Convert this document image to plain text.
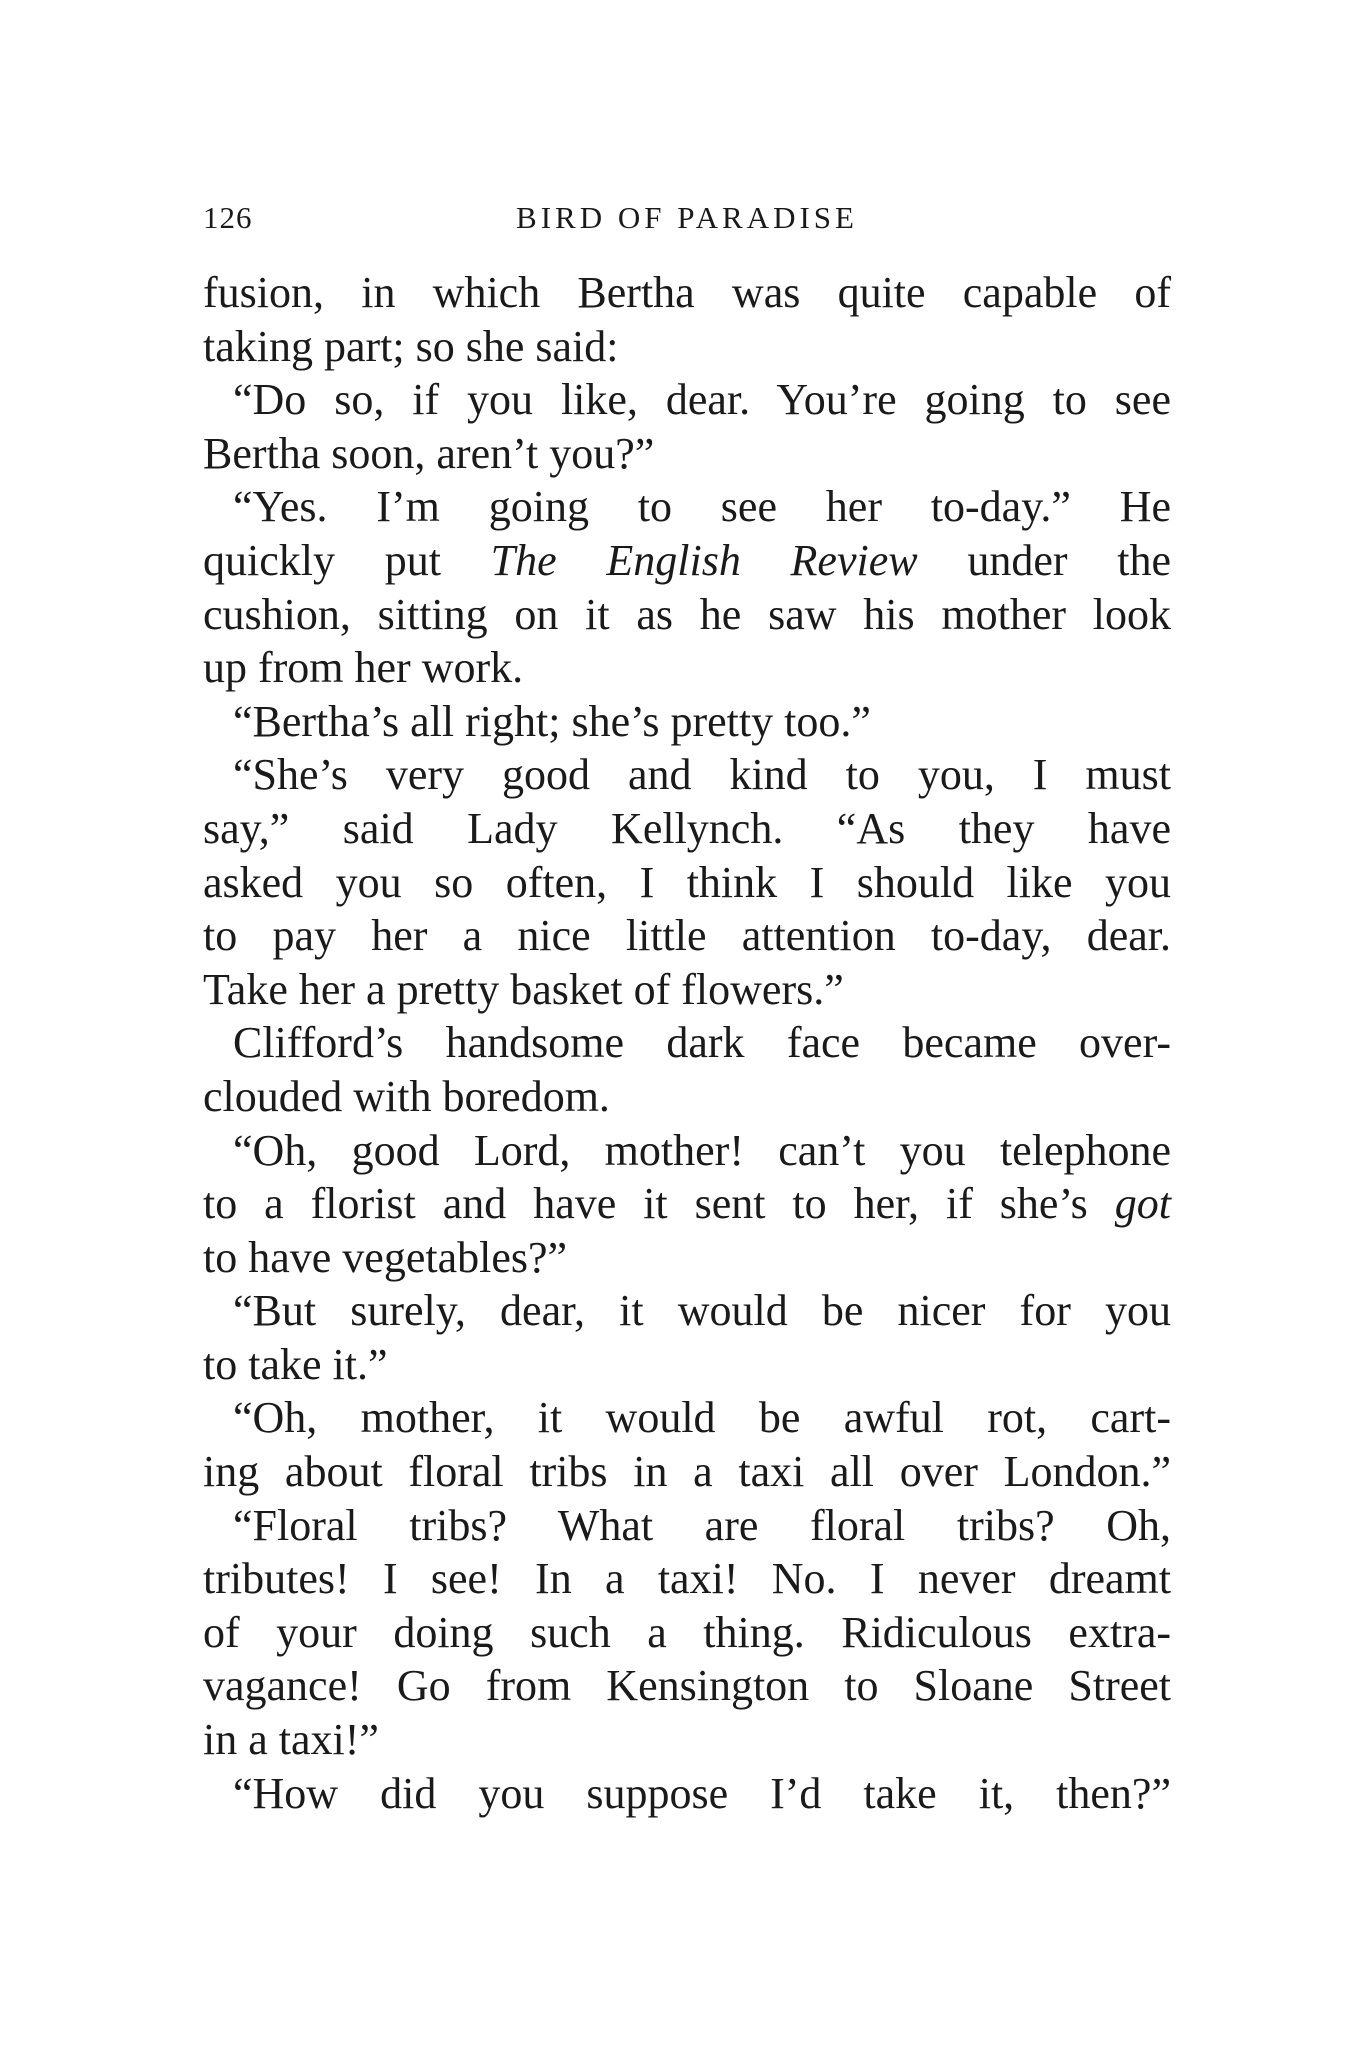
126	BIRD OF PARADISE
fusion, in which Bertha was quite capable of
taking part; so she said:
“Do so, if you like, dear. You’re going to see
Bertha soon, aren’t you?”
“Yes. I’m going to see her to-day.” He
quickly put The English Review under the
cushion, sitting on it as he saw his mother look
up from her work.
“Bertha’s all right; she’s pretty too.”
“She’s very good and kind to you, I must
say,” said Lady Kellynch. “As they have
asked you so often, I think I should like you
to pay her a nice little attention to-day, dear.
Take her a pretty basket of flowers.”
Clifford’s handsome dark face became over-
clouded with boredom.
“Oh, good Lord, mother! can’t you telephone
to a florist and have it sent to her, if she’s got
to have vegetables?”
“But surely, dear, it would be nicer for you
to take it.”
“Oh, mother, it would be awful rot, cart-
ing about floral tribs in a taxi all over London.”
“Floral tribs? What are floral tribs? Oh,
tributes! I see! In a taxi! No. I never dreamt
of your doing such a thing. Ridiculous extra-
vagance! Go from Kensington to Sloane Street
in a taxi!”
“How did you suppose I’d take it, then?”
